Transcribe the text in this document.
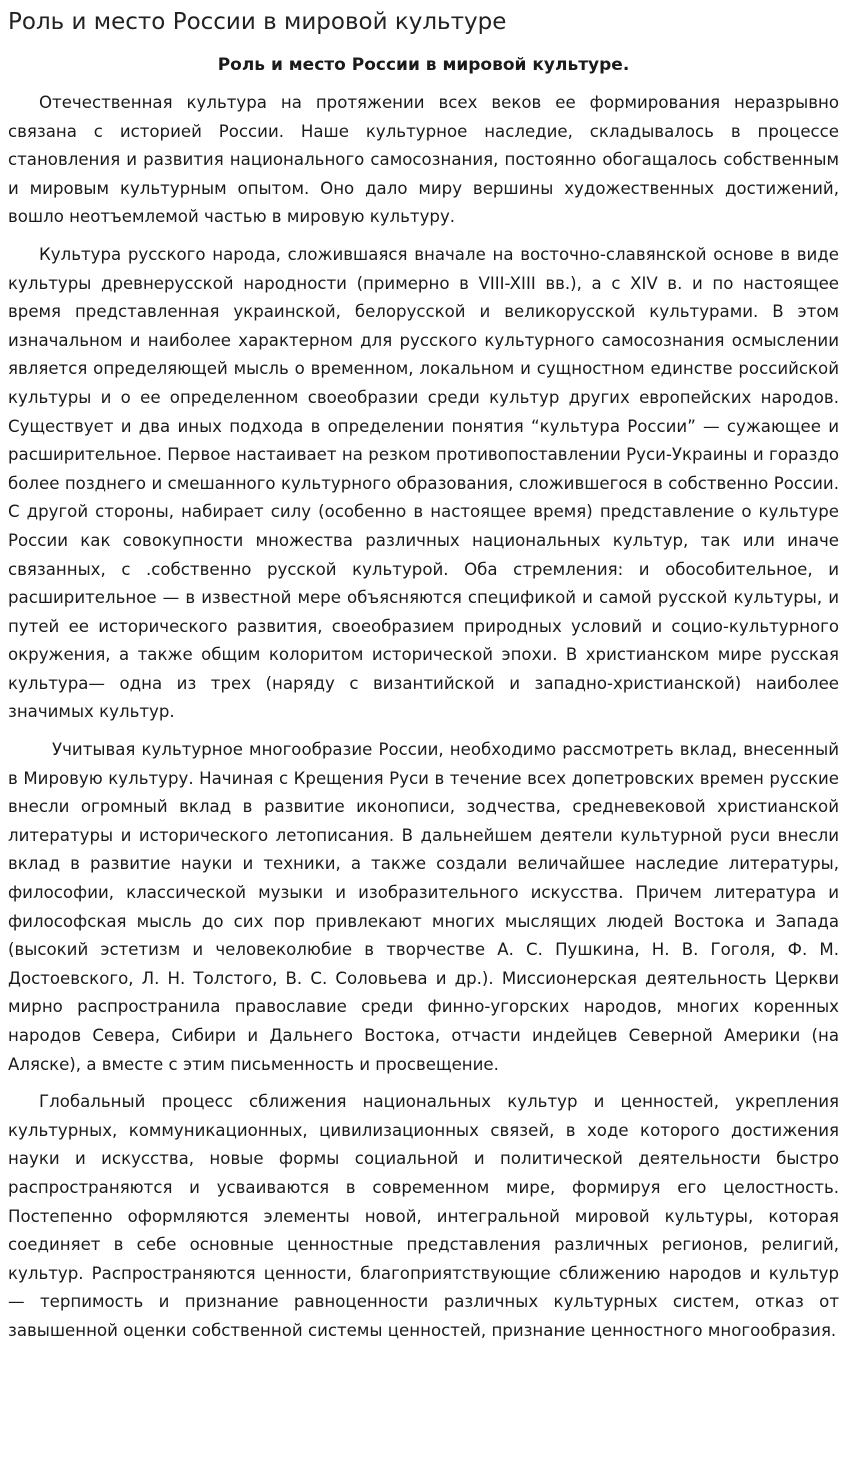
Роль и место России в мировой культуре
Роль и место России в мировой культуре.

Отечественная культура на протяжении всех веков ее формирования неразрывно связана с историей России. Наше культурное наследие, складывалось в процессе становления и развития национального самосознания, постоянно обогащалось собственным и мировым культурным опытом. Оно дало миру вершины художественных достижений, вошло неотъемлемой частью в мировую культуру.

Культура русского народа, сложившаяся вначале на восточно-славянской основе в виде культуры древнерусской народности (примерно в VIII-XIII вв.), а с XIV в. и по настоящее время представленная украинской, белорусской и великорусской культурами. В этом изначальном и наиболее характерном для русского культурного самосознания осмыслении является определяющей мысль о временном, локальном и сущностном единстве российской культуры и о ее определенном своеобразии среди культур других европейских народов. Существует и два иных подхода в определении понятия “культура России” — сужающее и расширительное. Первое настаивает на резком противопоставлении Руси-Украины и гораздо более позднего и смешанного культурного образования, сложившегося в собственно России. С другой стороны, набирает силу (особенно в настоящее время) представление о культуре России как совокупности множества различных национальных культур, так или иначе связанных, с .собственно русской культурой. Оба стремления: и обособительное, и расширительное — в известной мере объясняются спецификой и самой русской культуры, и путей ее исторического развития, своеобразием природных условий и социо-культурного окружения, а также общим колоритом исторической эпохи. В христианском мире русская культура— одна из трех (наряду с византийской и западно-христианской) наиболее значимых культур.

Учитывая культурное многообразие России, необходимо рассмотреть вклад, внесенный в Мировую культуру. Начиная с Крещения Руси в течение всех допетровских времен русские внесли огромный вклад в развитие иконописи, зодчества, средневековой христианской литературы и исторического летописания. В дальнейшем деятели культурной руси внесли вклад в развитие науки и техники, а также создали величайшее наследие литературы, философии, классической музыки и изобразительного искусства. Причем литература и философская мысль до сих пор привлекают многих мыслящих людей Востока и Запада (высокий эстетизм и человеколюбие в творчестве А. С. Пушкина, Н. В. Гоголя, Ф. М. Достоевского, Л. Н. Толстого, В. С. Соловьева и др.). Миссионерская деятельность Церкви мирно распространила православие среди финно-угорских народов, многих коренных народов Севера, Сибири и Дальнего Востока, отчасти индейцев Северной Америки (на Аляске), а вместе с этим письменность и просвещение.

Глобальный процесс сближения национальных культур и ценностей, укрепления культурных, коммуникационных, цивилизационных связей, в ходе которого достижения науки и искусства, новые формы социальной и политической деятельности быстро распространяются и усваиваются в современном мире, формируя его целостность. Постепенно оформляются элементы новой, интегральной мировой культуры, которая соединяет в себе основные ценностные представления различных регионов, религий, культур. Распространяются ценности, благоприятствующие сближению народов и культур — терпимость и признание равноценности различных культурных систем, отказ от завышенной оценки собственной системы ценностей, признание ценностного многообразия.
